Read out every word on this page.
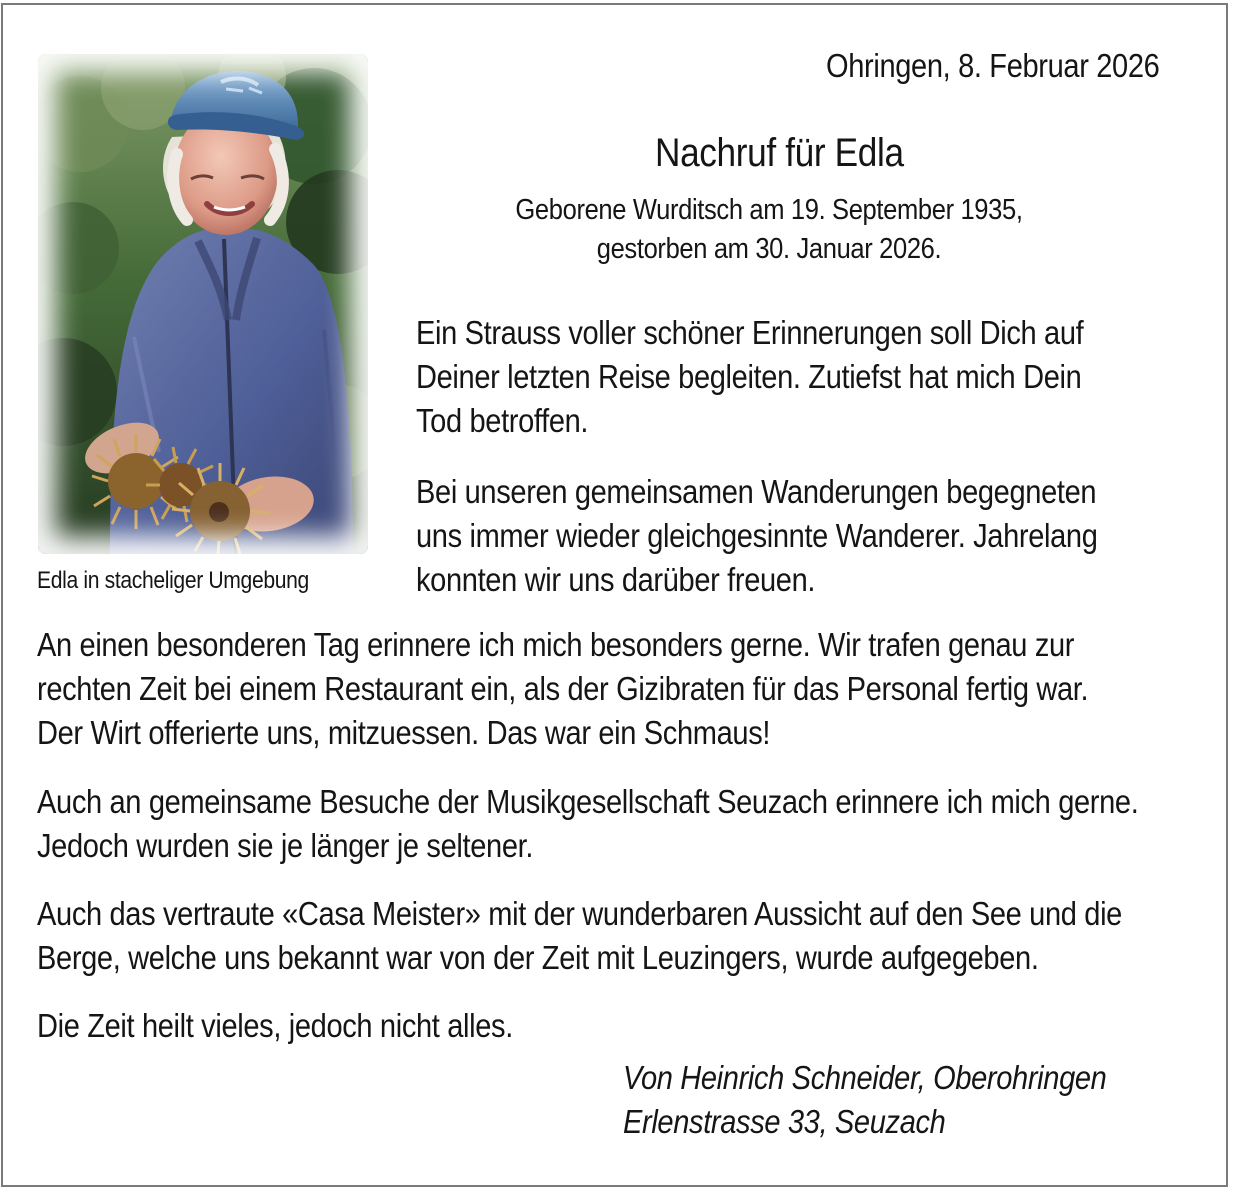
Edla in stacheliger Umgebung
Ohringen, 8. Februar 2026
Nachruf für Edla
Geborene Wurditsch am 19. September 1935,
gestorben am 30. Januar 2026.
Ein Strauss voller schöner Erinnerungen soll Dich auf Deiner letzten Reise begleiten. Zutiefst hat mich Dein Tod betroffen.
Bei unseren gemeinsamen Wanderungen begegneten uns immer wieder gleichgesinnte Wanderer. Jahrelang konnten wir uns darüber freuen.
An einen besonderen Tag erinnere ich mich besonders gerne. Wir trafen genau zur rechten Zeit bei einem Restaurant ein, als der Gizibraten für das Personal fertig war. Der Wirt offerierte uns, mitzuessen. Das war ein Schmaus!
Auch an gemeinsame Besuche der Musikgesellschaft Seuzach erinnere ich mich gerne. Jedoch wurden sie je länger je seltener.
Auch das vertraute «Casa Meister» mit der wunderbaren Aussicht auf den See und die Berge, welche uns bekannt war von der Zeit mit Leuzingers, wurde aufgegeben.
Die Zeit heilt vieles, jedoch nicht alles.
Von Heinrich Schneider, Oberohringen
Erlenstrasse 33, Seuzach
